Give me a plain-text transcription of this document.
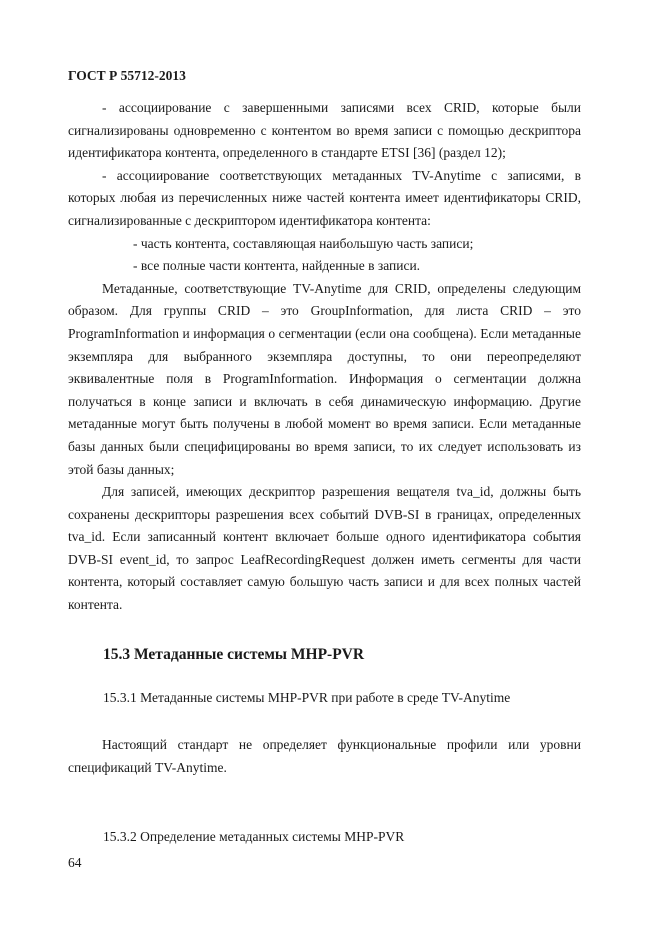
ГОСТ Р 55712-2013

- ассоциирование с завершенными записями всех CRID, которые были сигнализированы одновременно с контентом во время записи с помощью дескриптора идентификатора контента, определенного в стандарте ETSI [36] (раздел 12);

- ассоциирование соответствующих метаданных TV-Anytime с записями, в которых любая из перечисленных ниже частей контента имеет идентификаторы CRID, сигнализированные с дескриптором идентификатора контента:

- часть контента, составляющая наибольшую часть записи;

- все полные части контента, найденные в записи.

Метаданные, соответствующие TV-Anytime для CRID, определены следующим образом. Для группы CRID – это GroupInformation, для листа CRID – это ProgramInformation и информация о сегментации (если она сообщена). Если метаданные экземпляра для выбранного экземпляра доступны, то они переопределяют эквивалентные поля в ProgramInformation. Информация о сегментации должна получаться в конце записи и включать в себя динамическую информацию. Другие метаданные могут быть получены в любой момент во время записи. Если метаданные базы данных были специфицированы во время записи, то их следует использовать из этой базы данных;

Для записей, имеющих дескриптор разрешения вещателя tva_id, должны быть сохранены дескрипторы разрешения всех событий DVB-SI в границах, определенных tva_id. Если записанный контент включает больше одного идентификатора события DVB-SI event_id, то запрос LeafRecordingRequest должен иметь сегменты для части контента, который составляет самую большую часть записи и для всех полных частей контента.

15.3 Метаданные системы MHP-PVR
15.3.1 Метаданные системы MHP-PVR при работе в среде TV-Anytime

Настоящий стандарт не определяет функциональные профили или уровни спецификаций TV-Anytime.

15.3.2 Определение метаданных системы MHP-PVR
64
